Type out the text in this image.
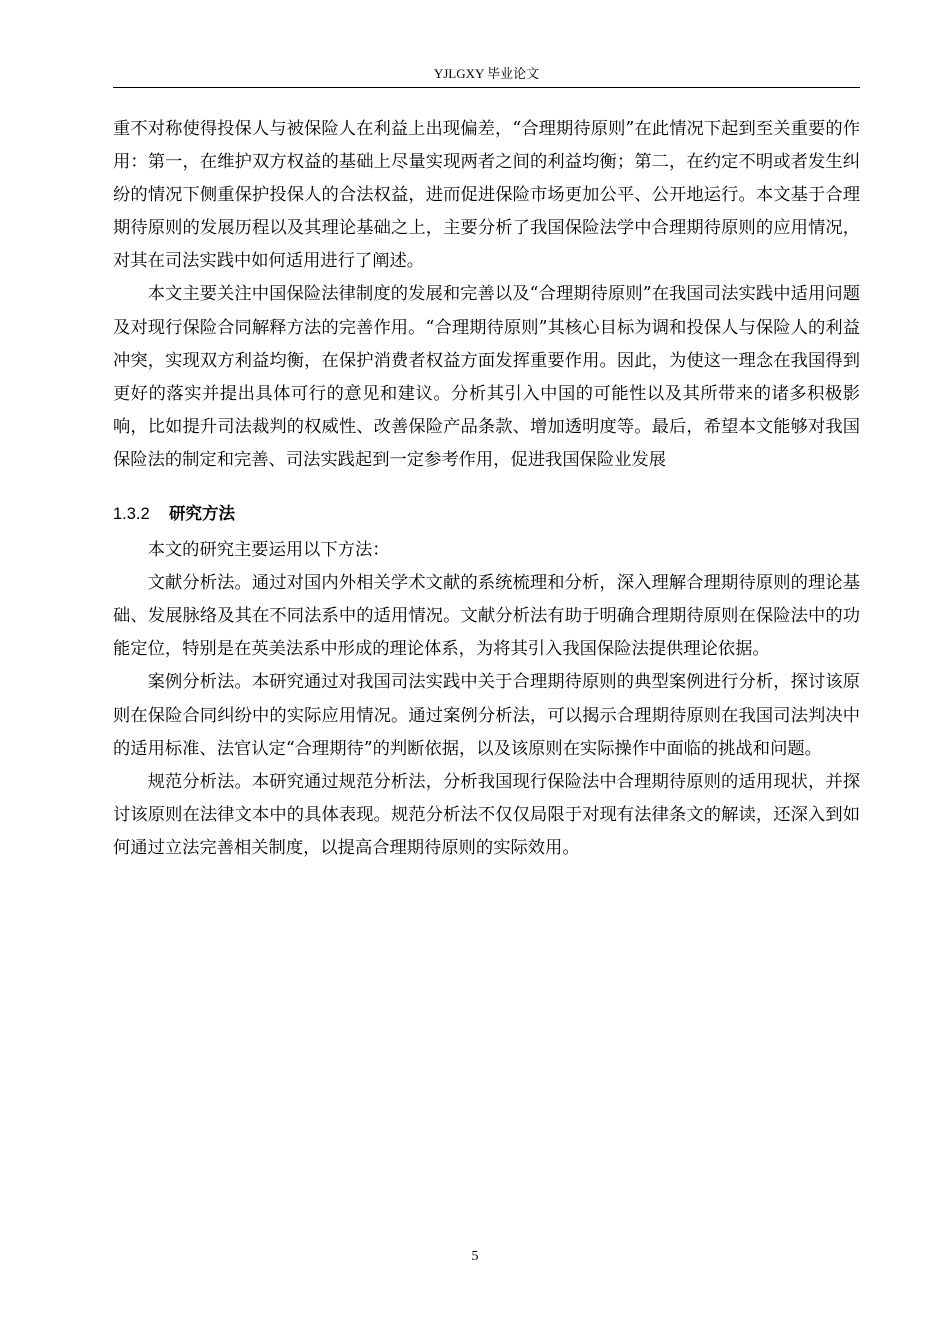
YJLGXY 毕业论文

重不对称使得投保人与被保险人在利益上出现偏差，“合理期待原则”在此情况下起到至关重要的作用：第一，在维护双方权益的基础上尽量实现两者之间的利益均衡；第二，在约定不明或者发生纠纷的情况下侧重保护投保人的合法权益，进而促进保险市场更加公平、公开地运行。本文基于合理期待原则的发展历程以及其理论基础之上，主要分析了我国保险法学中合理期待原则的应用情况，对其在司法实践中如何适用进行了阐述。

本文主要关注中国保险法律制度的发展和完善以及“合理期待原则”在我国司法实践中适用问题及对现行保险合同解释方法的完善作用。“合理期待原则”其核心目标为调和投保人与保险人的利益冲突，实现双方利益均衡，在保护消费者权益方面发挥重要作用。因此，为使这一理念在我国得到更好的落实并提出具体可行的意见和建议。分析其引入中国的可能性以及其所带来的诸多积极影响，比如提升司法裁判的权威性、改善保险产品条款、增加透明度等。最后，希望本文能够对我国保险法的制定和完善、司法实践起到一定参考作用，促进我国保险业发展

1.3.2 研究方法

本文的研究主要运用以下方法：

文献分析法。通过对国内外相关学术文献的系统梳理和分析，深入理解合理期待原则的理论基础、发展脉络及其在不同法系中的适用情况。文献分析法有助于明确合理期待原则在保险法中的功能定位，特别是在英美法系中形成的理论体系，为将其引入我国保险法提供理论依据。

案例分析法。本研究通过对我国司法实践中关于合理期待原则的典型案例进行分析，探讨该原则在保险合同纠纷中的实际应用情况。通过案例分析法，可以揭示合理期待原则在我国司法判决中的适用标准、法官认定“合理期待”的判断依据，以及该原则在实际操作中面临的挑战和问题。

规范分析法。本研究通过规范分析法，分析我国现行保险法中合理期待原则的适用现状，并探讨该原则在法律文本中的具体表现。规范分析法不仅仅局限于对现有法律条文的解读，还深入到如何通过立法完善相关制度，以提高合理期待原则的实际效用。

5
